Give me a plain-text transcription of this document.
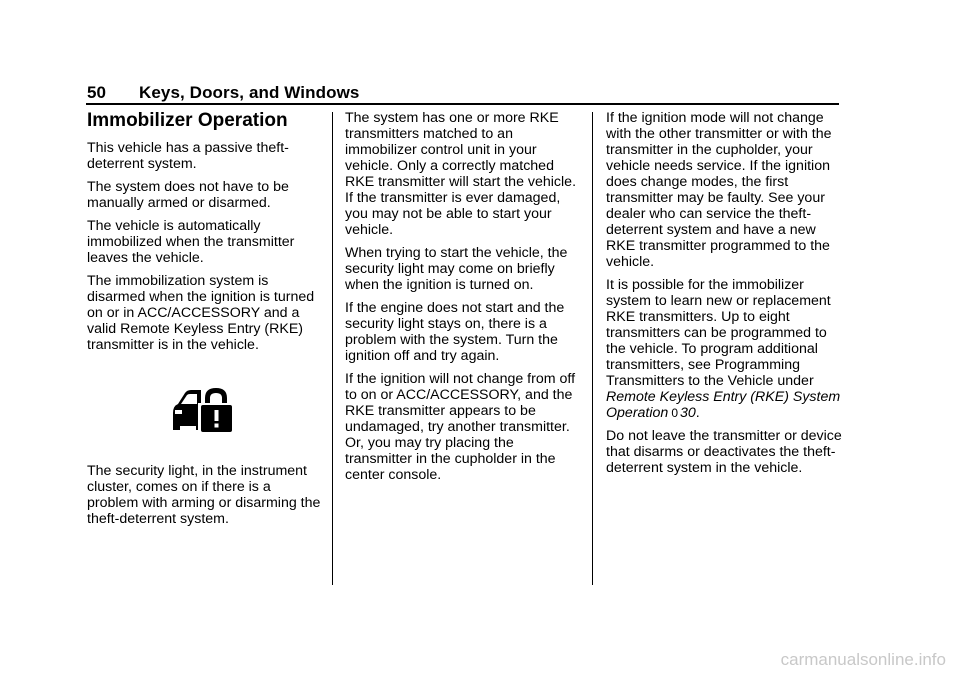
50 Keys, Doors, and Windows
Immobilizer Operation

This vehicle has a passive theft-deterrent system.

The system does not have to be manually armed or disarmed.

The vehicle is automatically immobilized when the transmitter leaves the vehicle.

The immobilization system is disarmed when the ignition is turned on or in ACC/ACCESSORY and a valid Remote Keyless Entry (RKE) transmitter is in the vehicle.

The security light, in the instrument cluster, comes on if there is a problem with arming or disarming the theft-deterrent system.

The system has one or more RKE transmitters matched to an immobilizer control unit in your vehicle. Only a correctly matched RKE transmitter will start the vehicle. If the transmitter is ever damaged, you may not be able to start your vehicle.

When trying to start the vehicle, the security light may come on briefly when the ignition is turned on.

If the engine does not start and the security light stays on, there is a problem with the system. Turn the ignition off and try again.

If the ignition will not change from off to on or ACC/ACCESSORY, and the RKE transmitter appears to be undamaged, try another transmitter. Or, you may try placing the transmitter in the cupholder in the center console.

If the ignition mode will not change with the other transmitter or with the transmitter in the cupholder, your vehicle needs service. If the ignition does change modes, the first transmitter may be faulty. See your dealer who can service the theft-deterrent system and have a new RKE transmitter programmed to the vehicle.

It is possible for the immobilizer system to learn new or replacement RKE transmitters. Up to eight transmitters can be programmed to the vehicle. To program additional transmitters, see Programming Transmitters to the Vehicle under Remote Keyless Entry (RKE) System Operation 0 30.

Do not leave the transmitter or device that disarms or deactivates the theft-deterrent system in the vehicle.

carmanualsonline.info
